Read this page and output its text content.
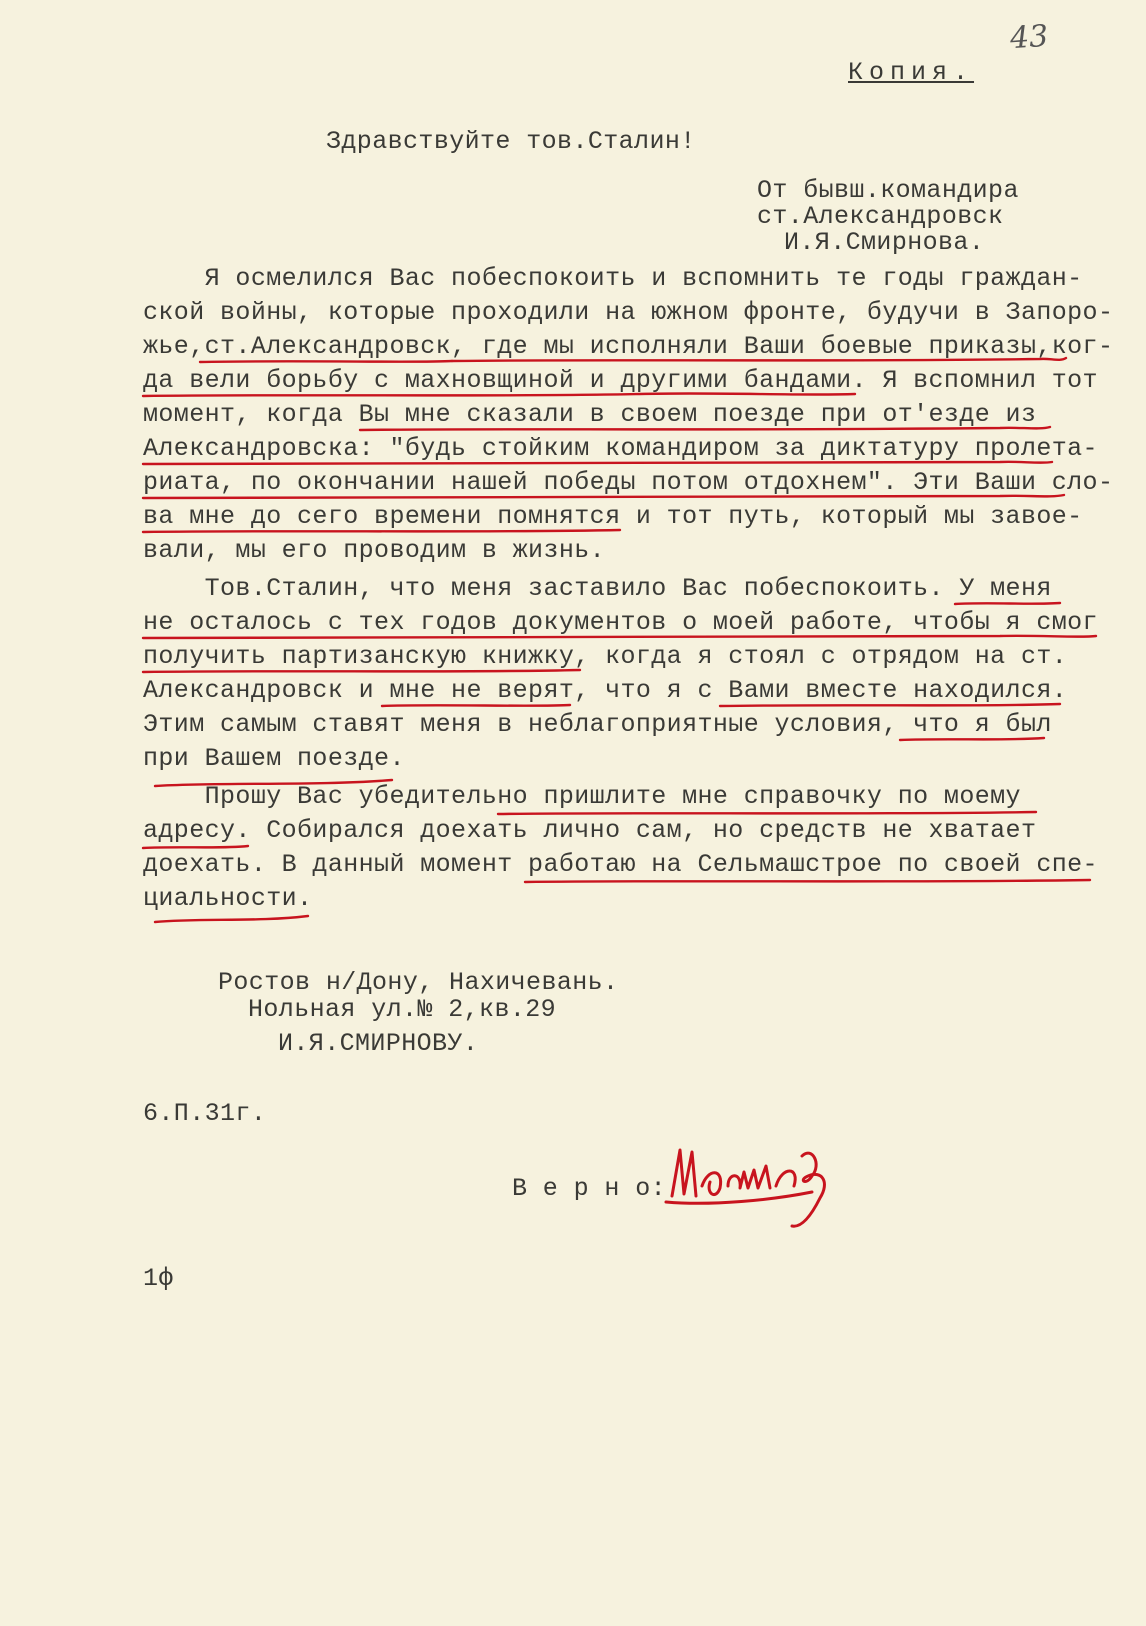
43
Копия.
Здравствуйте тов.Сталин!
От бывш.командира
ст.Александровск
И.Я.Смирнова.
Я осмелился Вас побеспокоить и вспомнить те годы граждан-
ской войны, которые проходили на южном фронте, будучи в Запоро-
жье,ст.Александровск, где мы исполняли Ваши боевые приказы,ког-
да вели борьбу с махновщиной и другими бандами. Я вспомнил тот
момент, когда Вы мне сказали в своем поезде при от'езде из
Александровска: "будь стойким командиром за диктатуру пролета-
риата, по окончании нашей победы потом отдохнем". Эти Ваши сло-
ва мне до сего времени помнятся и тот путь, который мы завое-
вали, мы его проводим в жизнь.
Тов.Сталин, что меня заставило Вас побеспокоить. У меня
не осталось с тех годов документов о моей работе, чтобы я смог
получить партизанскую книжку, когда я стоял с отрядом на ст.
Александровск и мне не верят, что я с Вами вместе находился.
Этим самым ставят меня в неблагоприятные условия, что я был
при Вашем поезде.
Прошу Вас убедительно пришлите мне справочку по моему
адресу. Собирался доехать лично сам, но средств не хватает
доехать. В данный момент работаю на Сельмашстрое по своей спе-
циальности.
Ростов н/Дону, Нахичевань.
Нольная ул.№ 2,кв.29
И.Я.СМИРНОВУ.
6.П.31г.
В е р н о:
1ф
